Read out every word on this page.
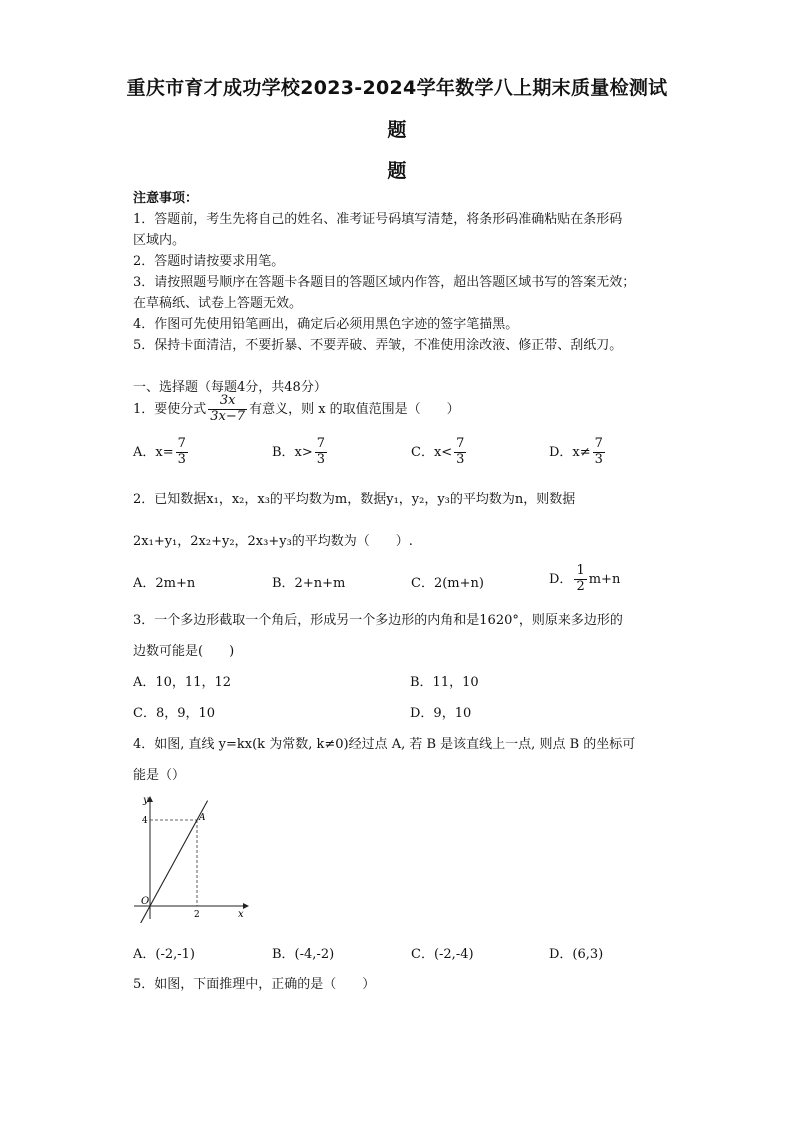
重庆市育才成功学校2023-2024学年数学八上期末质量检测试
题
题
注意事项：
1．答题前，考生先将自己的姓名、准考证号码填写清楚，将条形码准确粘贴在条形码
区域内。
2．答题时请按要求用笔。
3．请按照题号顺序在答题卡各题目的答题区域内作答，超出答题区域书写的答案无效；
在草稿纸、试卷上答题无效。
4．作图可先使用铅笔画出，确定后必须用黑色字迹的签字笔描黑。
5．保持卡面清洁，不要折暴、不要弄破、弄皱，不准使用涂改液、修正带、刮纸刀。
一、选择题（每题4分，共48分）
1．要使分式 $\frac{3x}{3x-7}$ 有意义，则 x 的取值范围是（　　）
A．$x= \frac{7}{3}$	B．$x> \frac{7}{3}$	C．$x< \frac{7}{3}$	D．$x\ne \frac{7}{3}$
2．已知数据x₁，x₂，x₃的平均数为m，数据y₁，y₂，y₃的平均数为n，则数据
2x₁+y₁，2x₂+y₂，2x₃+y₃的平均数为（　　）.
A．2m+n	B．2+n+m	C．2(m+n)	D． $\frac{1}{2} m+n$
3．一个多边形截取一个角后，形成另一个多边形的内角和是1620°，则原来多边形的
边数可能是(　　)
A．10，11，12	B．11，10
C．8，9，10	D．9，10
4．如图, 直线 y=kx(k 为常数, k≠0)经过点 A, 若 B 是该直线上一点, 则点 B 的坐标可
能是（）
y
x
O
A
2
4
A．(-2,-1)	B．(-4,-2)	C．(-2,-4)	D．(6,3)
5．如图，下面推理中，正确的是（　　）
